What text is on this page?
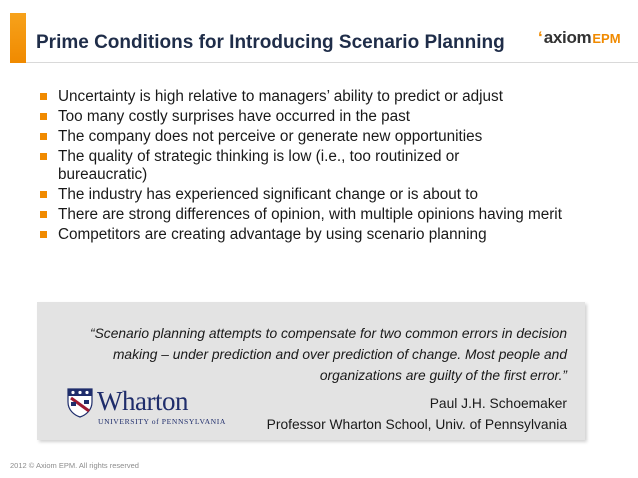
Prime Conditions for Introducing Scenario Planning ‘ axiom EPM
Uncertainty is high relative to managers’ ability to predict or adjust
Too many costly surprises have occurred in the past
The company does not perceive or generate new opportunities
The quality of strategic thinking is low (i.e., too routinized or bureaucratic)
The industry has experienced significant change or is about to
There are strong differences of opinion, with multiple opinions having merit
Competitors are creating advantage by using scenario planning
“Scenario planning attempts to compensate for two common errors in decision making – under prediction and over prediction of change. Most people and organizations are guilty of the first error.”
Paul J.H. Schoemaker
Professor Wharton School, Univ. of Pennsylvania
Wharton
UNIVERSITY of PENNSYLVANIA
2012 © Axiom EPM. All rights reserved
